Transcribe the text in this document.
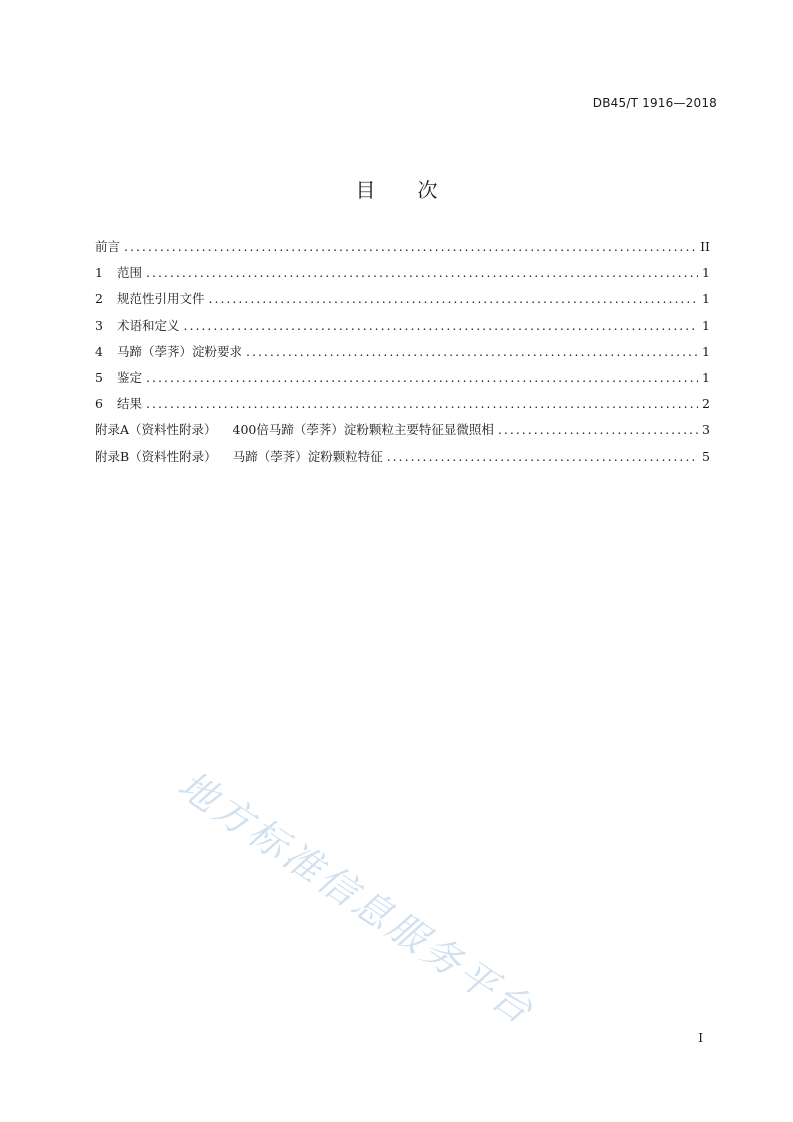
DB45/T 1916—2018
目 次
前言 .....	II
1	范围 .....	1
2	规范性引用文件 .....	1
3	术语和定义 .....	1
4	马蹄（荸荠）淀粉要求 .....	1
5	鉴定 .....	1
6	结果 .....	2
附录A（资料性附录） 400倍马蹄（荸荠）淀粉颗粒主要特征显微照相 .....	3
附录B（资料性附录） 马蹄（荸荠）淀粉颗粒特征 .....	5
地方标准信息服务平台
I
